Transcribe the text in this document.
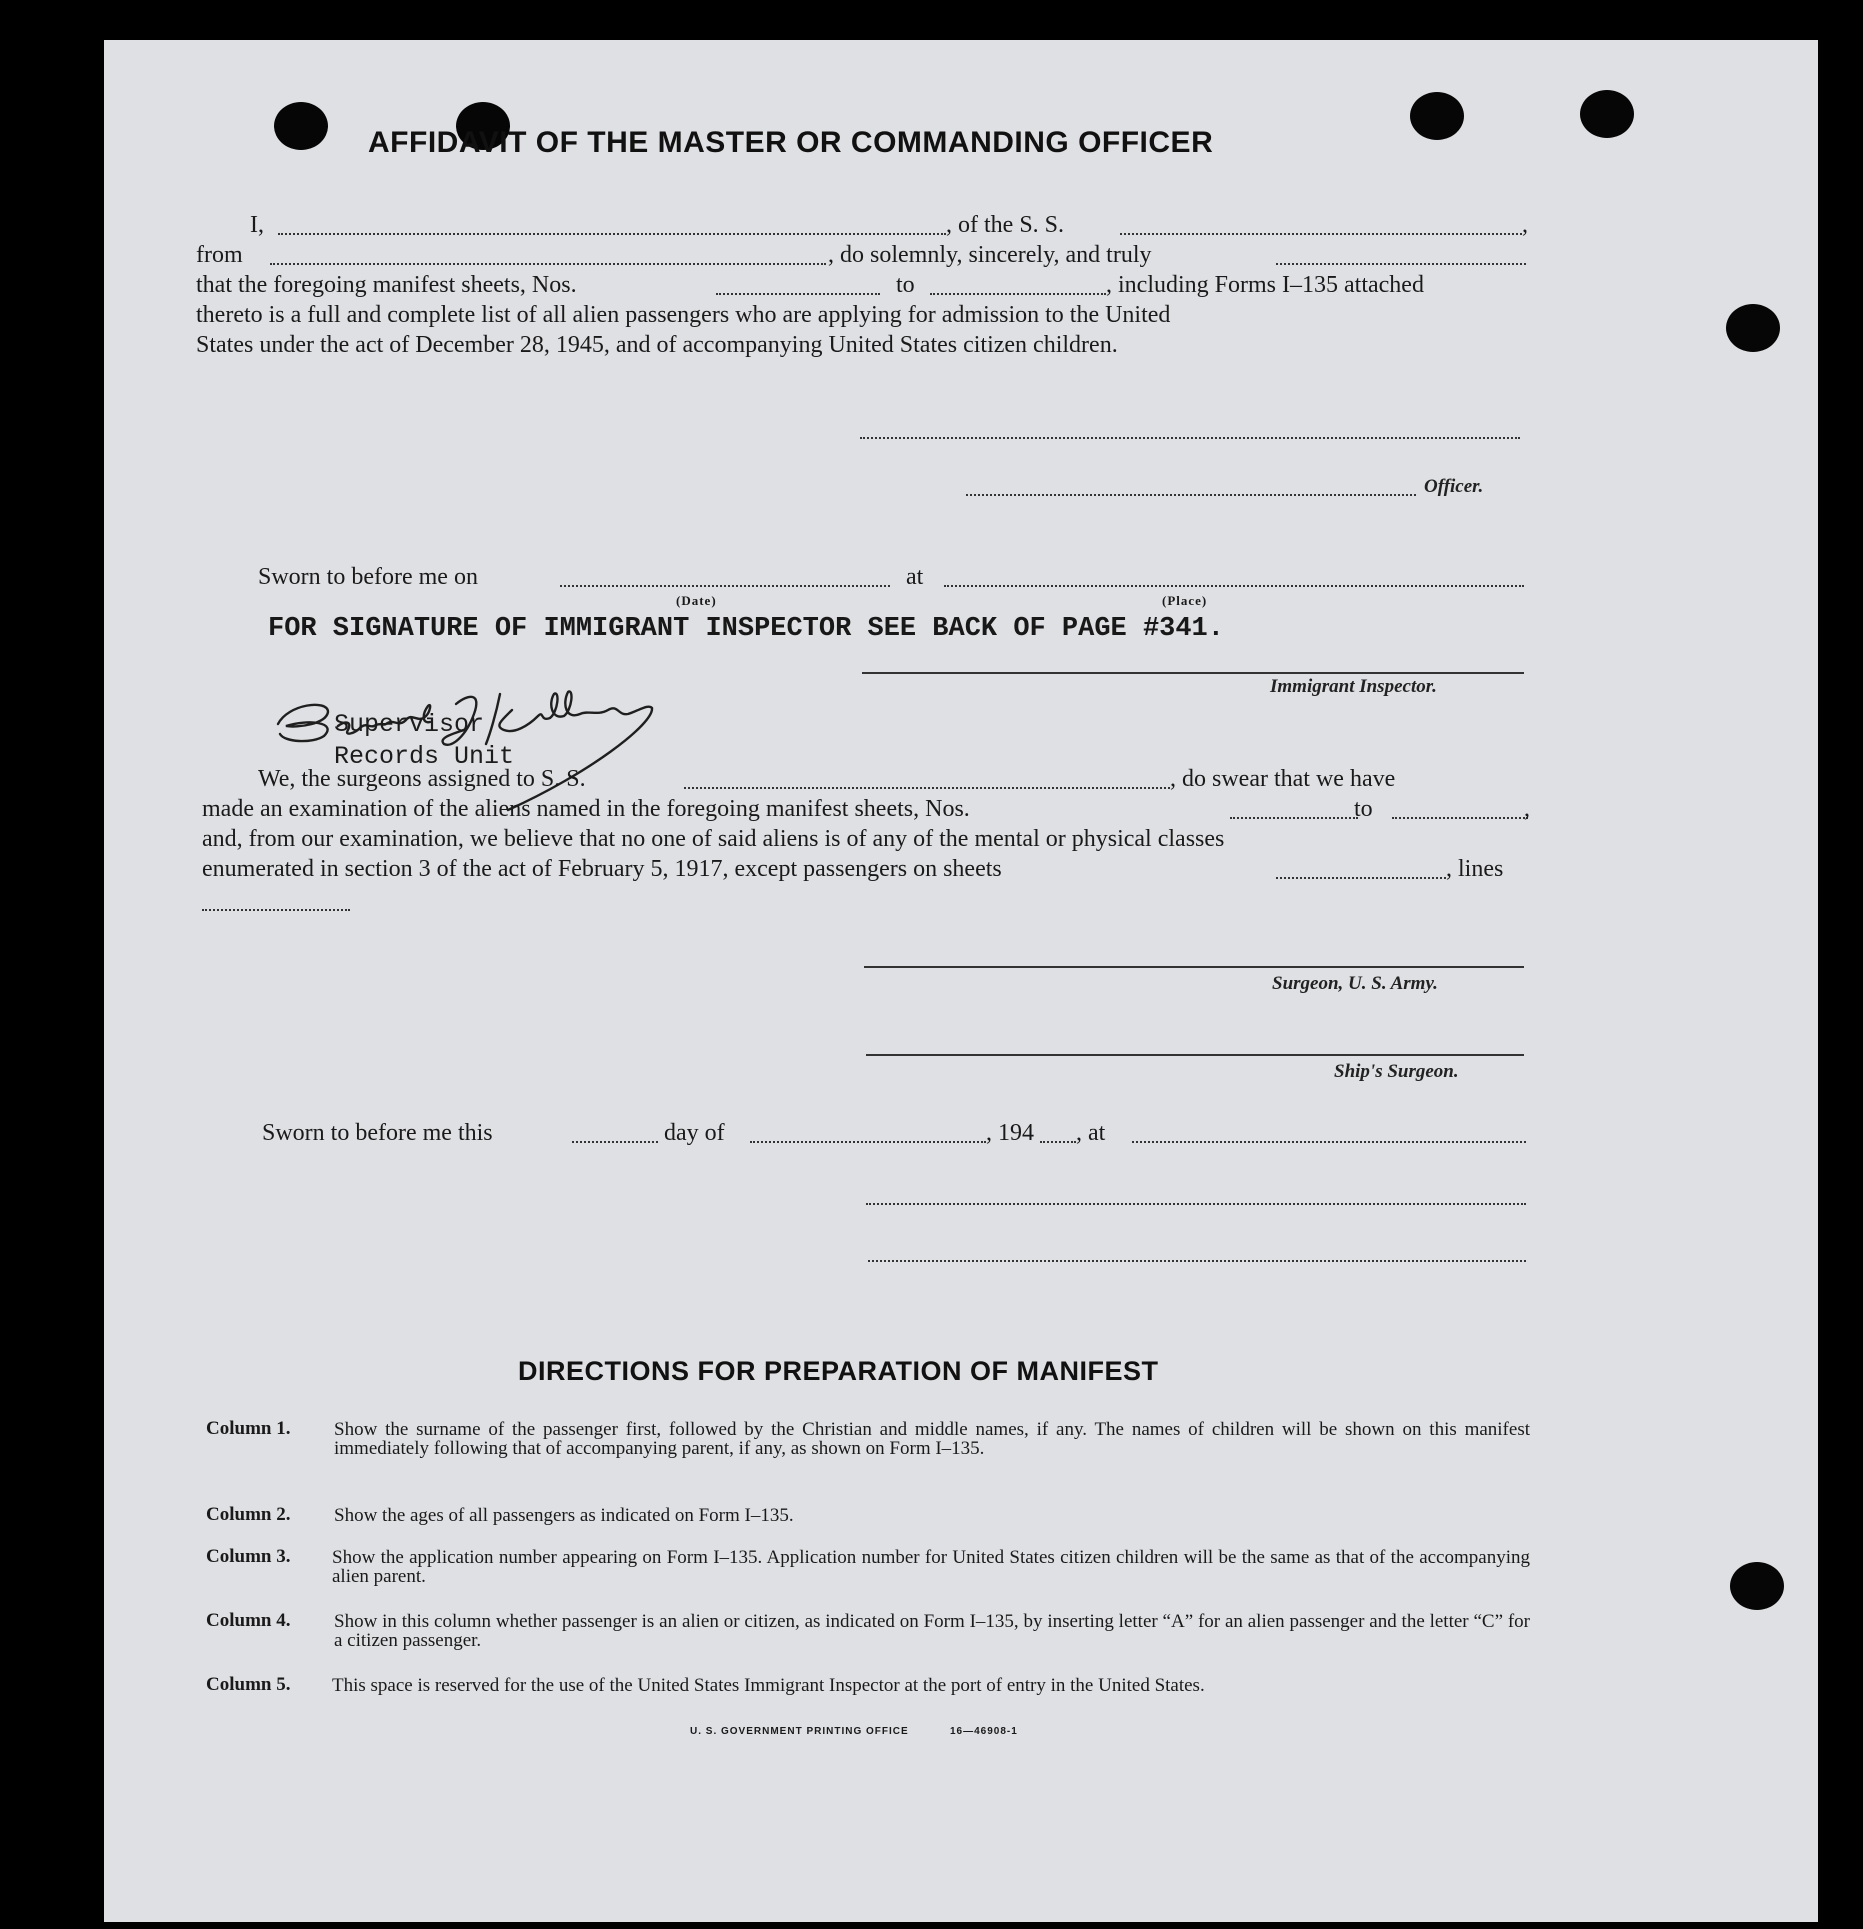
AFFIDAVIT OF THE MASTER OR COMMANDING OFFICER
I,	, of the S. S.	,
from	, do solemnly, sincerely, and truly
that the foregoing manifest sheets, Nos.	to	, including Forms I–135 attached
thereto is a full and complete list of all alien passengers who are applying for admission to the United
States under the act of December 28, 1945, and of accompanying United States citizen children.
Officer.
Sworn to before me on	at
(Date)	(Place)
FOR SIGNATURE OF IMMIGRANT INSPECTOR SEE BACK OF PAGE #341.
Immigrant Inspector.
Supervisor
Records Unit
We, the surgeons assigned to S. S.	, do swear that we have
made an examination of the aliens named in the foregoing manifest sheets, Nos.	to	,
and, from our examination, we believe that no one of said aliens is of any of the mental or physical classes
enumerated in section 3 of the act of February 5, 1917, except passengers on sheets	, lines
Surgeon, U. S. Army.
Ship's Surgeon.
Sworn to before me this	day of	, 194 , at
DIRECTIONS FOR PREPARATION OF MANIFEST
Column 1. Show the surname of the passenger first, followed by the Christian and middle names, if any. The names of children will be shown on this manifest immediately following that of accompanying parent, if any, as shown on Form I–135.
Column 2. Show the ages of all passengers as indicated on Form I–135.
Column 3. Show the application number appearing on Form I–135. Application number for United States citizen children will be the same as that of the accompanying alien parent.
Column 4. Show in this column whether passenger is an alien or citizen, as indicated on Form I–135, by inserting letter “A” for an alien passenger and the letter “C” for a citizen passenger.
Column 5. This space is reserved for the use of the United States Immigrant Inspector at the port of entry in the United States.
U. S. GOVERNMENT PRINTING OFFICE	16—46908-1
